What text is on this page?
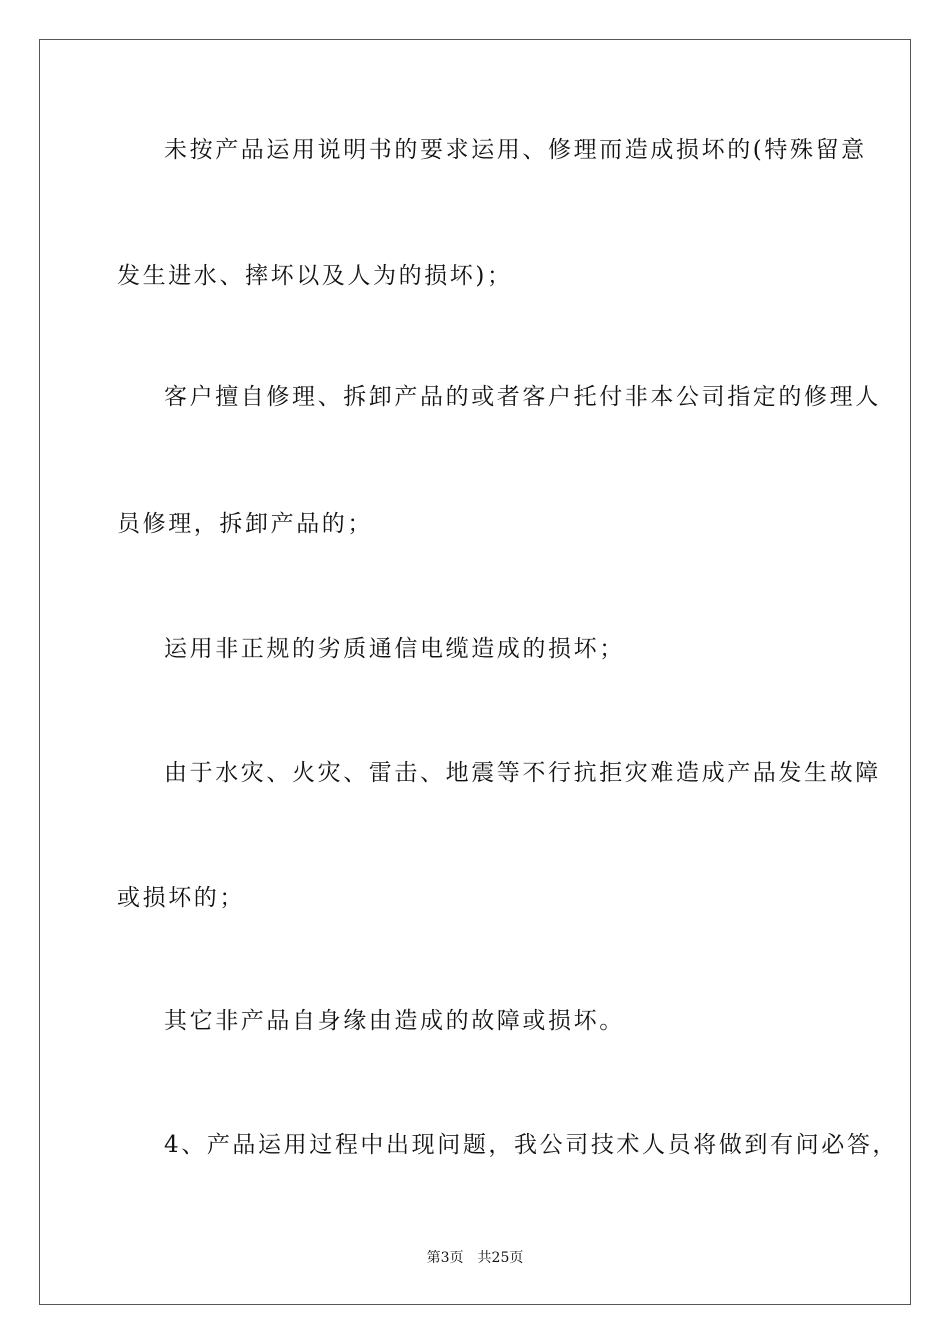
未按产品运用说明书的要求运用、修理而造成损坏的(特殊留意
发生进水、摔坏以及人为的损坏)；
客户擅自修理、拆卸产品的或者客户托付非本公司指定的修理人
员修理，拆卸产品的；
运用非正规的劣质通信电缆造成的损坏；
由于水灾、火灾、雷击、地震等不行抗拒灾难造成产品发生故障
或损坏的；
其它非产品自身缘由造成的故障或损坏。
4、产品运用过程中出现问题，我公司技术人员将做到有问必答，
第3页 共25页
